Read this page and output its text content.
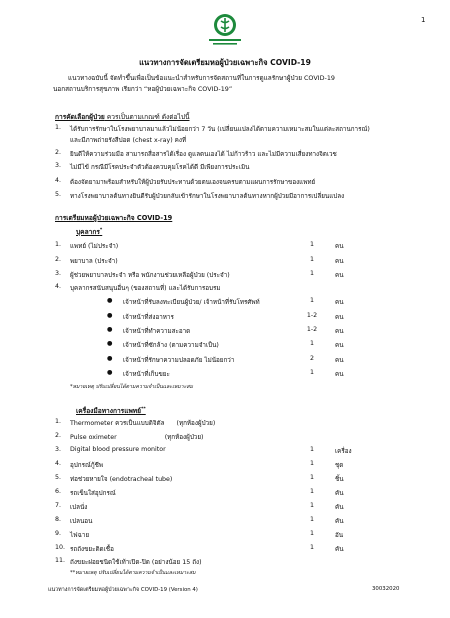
1
แนวทางการจัดเตรียมหอผู้ป่วยเฉพาะกิจ COVID-19
แนวทางฉบับนี้ จัดทำขึ้นเพื่อเป็นข้อแนะนำสำหรับการจัดสถานที่ในการดูแลรักษาผู้ป่วย COVID-19
นอกสถานบริการสุขภาพ เรียกว่า “หอผู้ป่วยเฉพาะกิจ COVID-19”
การคัดเลือกผู้ป่วย ควรเป็นตามเกณฑ์ ดังต่อไปนี้
1.	ได้รับการรักษาในโรงพยาบาลมาแล้วไม่น้อยกว่า 7 วัน (เปลี่ยนแปลงได้ตามความเหมาะสมในแต่ละสถานการณ์)
และมีภาพถ่ายรังสีปอด (chest x-ray) คงที่
2.	ยินดีให้ความร่วมมือ สามารถสื่อสารได้เรื่อง ดูแลตนเองได้ ไม่ก้าวร้าว และไม่มีความเสี่ยงทางจิตเวช
3.	ไม่มีไข้ กรณีมีโรคประจำตัวต้องควบคุมโรคได้ดี มีเพียงการประเมิน
4.	ต้องจัดยามาพร้อมสำหรับให้ผู้ป่วยรับประทานด้วยตนเองจนครบตามแผนการรักษาของแพทย์
5.	ทางโรงพยาบาลต้นทางยินดีรับผู้ป่วยกลับเข้ารักษาในโรงพยาบาลต้นทางหากผู้ป่วยมีอาการเปลี่ยนแปลง
การเตรียมหอผู้ป่วยเฉพาะกิจ COVID-19
บุคลากร*
1.	แพทย์ (ไม่ประจำ)	1	คน
2.	พยาบาล (ประจำ)	1	คน
3.	ผู้ช่วยพยาบาลประจำ หรือ พนักงานช่วยเหลือผู้ป่วย (ประจำ)	1	คน
4.	บุคลากรสนับสนุนอื่นๆ (ของสถานที่) และได้รับการอบรม
● เจ้าหน้าที่รับลงทะเบียนผู้ป่วย/ เจ้าหน้าที่รับโทรศัพท์	1	คน
● เจ้าหน้าที่ส่งอาหาร	1-2	คน
● เจ้าหน้าที่ทำความสะอาด	1-2	คน
● เจ้าหน้าที่ซักล้าง (ตามความจำเป็น)	1	คน
● เจ้าหน้าที่รักษาความปลอดภัย ไม่น้อยกว่า	2	คน
● เจ้าหน้าที่เก็บขยะ	1	คน
*หมายเหตุ ปรับเปลี่ยนได้ตามความจำเป็นและเหมาะสม
เครื่องมือทางการแพทย์**
1.	Thermometer ควรเป็นแบบดิจิตัล      (ทุกห้องผู้ป่วย)
2.	Pulse oximeter                        (ทุกห้องผู้ป่วย)
3.	Digital blood pressure monitor	1	เครื่อง
4.	อุปกรณ์กู้ชีพ	1	ชุด
5.	ท่อช่วยหายใจ (endotracheal tube)	1	ชิ้น
6.	รถเข็นใส่อุปกรณ์	1	คัน
7.	เปลนั่ง	1	คัน
8.	เปลนอน	1	คัน
9.	ไฟฉาย	1	อัน
10. รถถังขยะติดเชื้อ	1	คัน
11. ถังขยะฝอยชนิดใช้เท้าเปิด-ปิด (อย่างน้อย 15 ถัง)
**หมายเหตุ ปรับเปลี่ยนได้ตามความจำเป็นและเหมาะสม
แนวทางการจัดเตรียมหอผู้ป่วยเฉพาะกิจ COVID-19 (Version 4)	30032020
